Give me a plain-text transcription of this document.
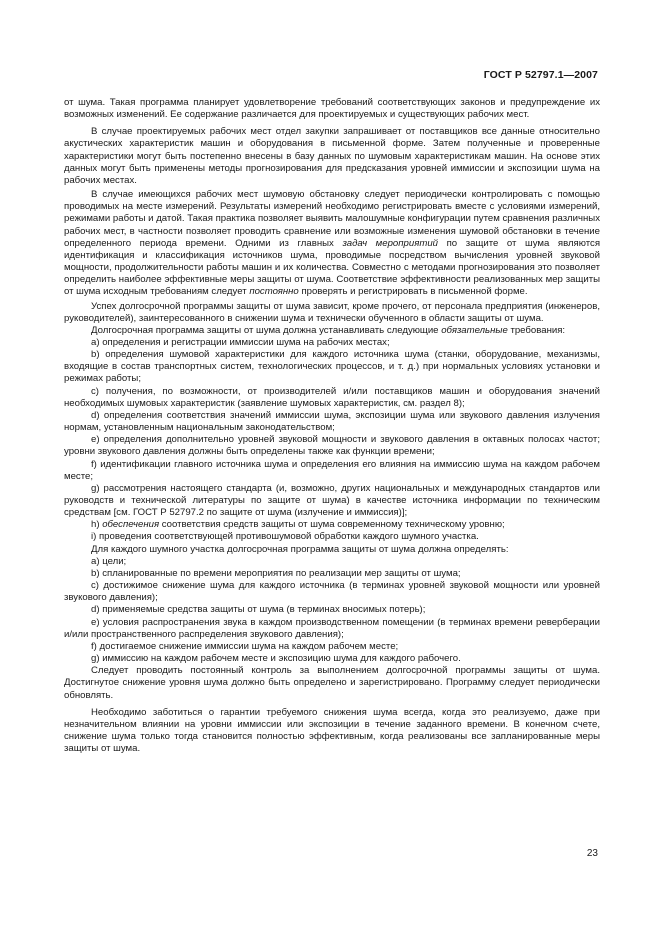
ГОСТ Р 52797.1—2007

от шума. Такая программа планирует удовлетворение требований соответствующих законов и предупреждение их возможных изменений. Ее содержание различается для проектируемых и существующих рабочих мест.

В случае проектируемых рабочих мест отдел закупки запрашивает от поставщиков все данные относительно акустических характеристик машин и оборудования в письменной форме. Затем полученные и проверенные характеристики могут быть постепенно внесены в базу данных по шумовым характеристикам машин. На основе этих данных могут быть применены методы прогнозирования для предсказания уровней иммиссии и экспозиции шума на рабочих местах.

В случае имеющихся рабочих мест шумовую обстановку следует периодически контролировать с помощью проводимых на месте измерений. Результаты измерений необходимо регистрировать вместе с условиями измерений, режимами работы и датой. Такая практика позволяет выявить малошумные конфигурации путем сравнения различных рабочих мест, в частности позволяет проводить сравнение или возможные изменения шумовой обстановки в течение определенного периода времени. Одними из главных задач мероприятий по защите от шума являются идентификация и классификация источников шума, проводимые посредством вычисления уровней звуковой мощности, продолжительности работы машин и их количества. Совместно с методами прогнозирования это позволяет определить наиболее эффективные меры защиты от шума. Соответствие эффективности реализованных мер защиты от шума исходным требованиям следует постоянно проверять и регистрировать в письменной форме.

Успех долгосрочной программы защиты от шума зависит, кроме прочего, от персонала предприятия (инженеров, руководителей), заинтересованного в снижении шума и технически обученного в области защиты от шума.

Долгосрочная программа защиты от шума должна устанавливать следующие обязательные требования:

a) определения и регистрации иммиссии шума на рабочих местах;

b) определения шумовой характеристики для каждого источника шума (станки, оборудование, механизмы, входящие в состав транспортных систем, технологических процессов, и т. д.) при нормальных условиях установки и режимах работы;

c) получения, по возможности, от производителей и/или поставщиков машин и оборудования значений необходимых шумовых характеристик (заявление шумовых характеристик, см. раздел 8);

d) определения соответствия значений иммиссии шума, экспозиции шума или звукового давления излучения нормам, установленным национальным законодательством;

e) определения дополнительно уровней звуковой мощности и звукового давления в октавных полосах частот; уровни звукового давления должны быть определены также как функции времени;

f) идентификации главного источника шума и определения его влияния на иммиссию шума на каждом рабочем месте;

g) рассмотрения настоящего стандарта (и, возможно, других национальных и международных стандартов или руководств и технической литературы по защите от шума) в качестве источника информации по техническим средствам [см. ГОСТ Р 52797.2 по защите от шума (излучение и иммиссия)];

h) обеспечения соответствия средств защиты от шума современному техническому уровню;

i) проведения соответствующей противошумовой обработки каждого шумного участка.

Для каждого шумного участка долгосрочная программа защиты от шума должна определять:

a) цели;

b) спланированные по времени мероприятия по реализации мер защиты от шума;

c) достижимое снижение шума для каждого источника (в терминах уровней звуковой мощности или уровней звукового давления);

d) применяемые средства защиты от шума (в терминах вносимых потерь);

e) условия распространения звука в каждом производственном помещении (в терминах времени реверберации и/или пространственного распределения звукового давления);

f) достигаемое снижение иммиссии шума на каждом рабочем месте;

g) иммиссию на каждом рабочем месте и экспозицию шума для каждого рабочего.

Следует проводить постоянный контроль за выполнением долгосрочной программы защиты от шума. Достигнутое снижение уровня шума должно быть определено и зарегистрировано. Программу следует периодически обновлять.

Необходимо заботиться о гарантии требуемого снижения шума всегда, когда это реализуемо, даже при незначительном влиянии на уровни иммиссии или экспозиции в течение заданного времени. В конечном счете, снижение шума только тогда становится полностью эффективным, когда реализованы все запланированные меры защиты от шума.

23
